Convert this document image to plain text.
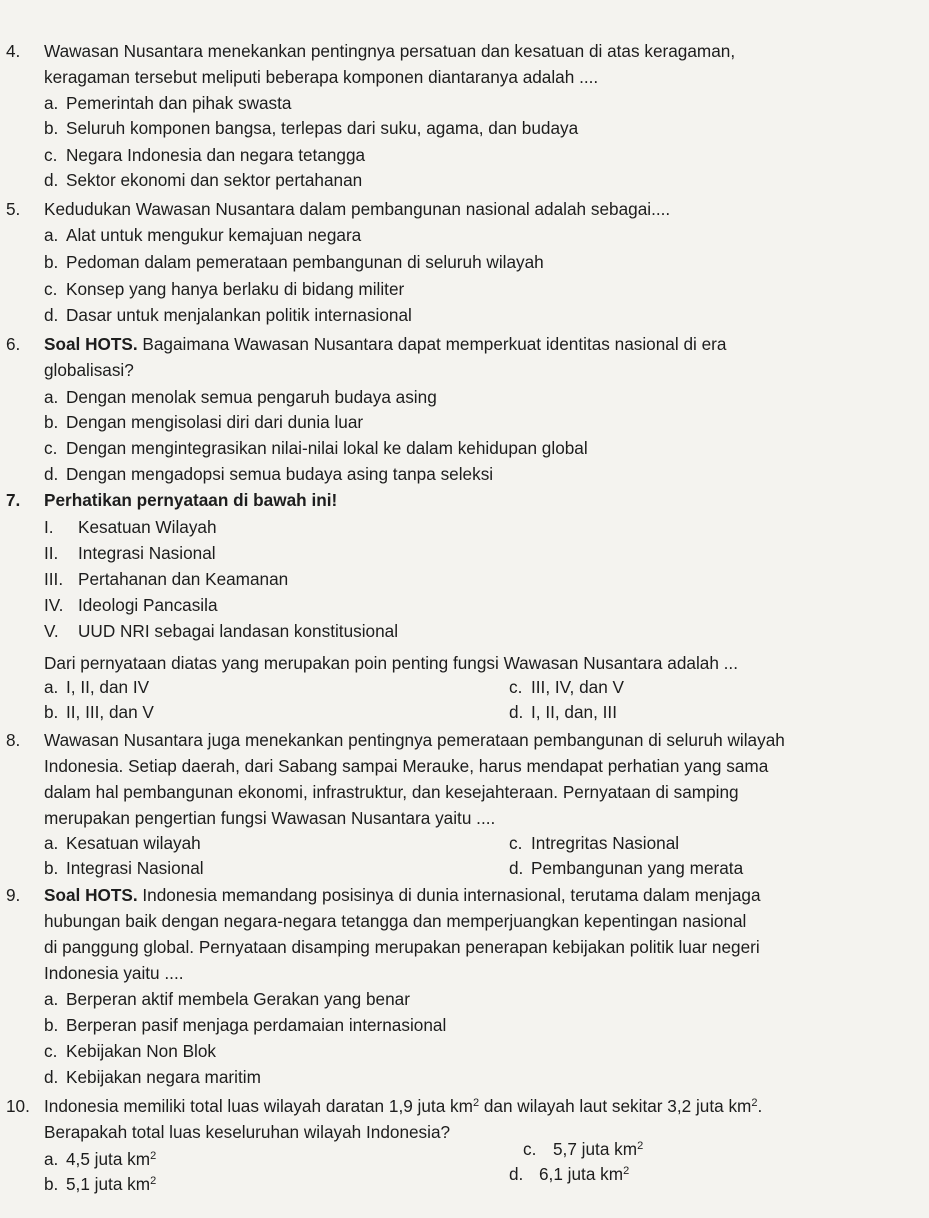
4. Wawasan Nusantara menekankan pentingnya persatuan dan kesatuan di atas keragaman,
keragaman tersebut meliputi beberapa komponen diantaranya adalah ....
a. Pemerintah dan pihak swasta
b. Seluruh komponen bangsa, terlepas dari suku, agama, dan budaya
c. Negara Indonesia dan negara tetangga
d. Sektor ekonomi dan sektor pertahanan
5. Kedudukan Wawasan Nusantara dalam pembangunan nasional adalah sebagai....
a. Alat untuk mengukur kemajuan negara
b. Pedoman dalam pemerataan pembangunan di seluruh wilayah
c. Konsep yang hanya berlaku di bidang militer
d. Dasar untuk menjalankan politik internasional
6. Soal HOTS. Bagaimana Wawasan Nusantara dapat memperkuat identitas nasional di era
globalisasi?
a. Dengan menolak semua pengaruh budaya asing
b. Dengan mengisolasi diri dari dunia luar
c. Dengan mengintegrasikan nilai-nilai lokal ke dalam kehidupan global
d. Dengan mengadopsi semua budaya asing tanpa seleksi
7. Perhatikan pernyataan di bawah ini!
I. Kesatuan Wilayah
II. Integrasi Nasional
III. Pertahanan dan Keamanan
IV. Ideologi Pancasila
V. UUD NRI sebagai landasan konstitusional
Dari pernyataan diatas yang merupakan poin penting fungsi Wawasan Nusantara adalah ...
a. I, II, dan IV	c. III, IV, dan V
b. II, III, dan V	d. I, II, dan, III
8. Wawasan Nusantara juga menekankan pentingnya pemerataan pembangunan di seluruh wilayah
Indonesia. Setiap daerah, dari Sabang sampai Merauke, harus mendapat perhatian yang sama
dalam hal pembangunan ekonomi, infrastruktur, dan kesejahteraan. Pernyataan di samping
merupakan pengertian fungsi Wawasan Nusantara yaitu ....
a. Kesatuan wilayah	c. Intregritas Nasional
b. Integrasi Nasional	d. Pembangunan yang merata
9. Soal HOTS. Indonesia memandang posisinya di dunia internasional, terutama dalam menjaga
hubungan baik dengan negara-negara tetangga dan memperjuangkan kepentingan nasional
di panggung global. Pernyataan disamping merupakan penerapan kebijakan politik luar negeri
Indonesia yaitu ....
a. Berperan aktif membela Gerakan yang benar
b. Berperan pasif menjaga perdamaian internasional
c. Kebijakan Non Blok
d. Kebijakan negara maritim
10. Indonesia memiliki total luas wilayah daratan 1,9 juta $km^2$ dan wilayah laut sekitar 3,2 juta $km^2$.
Berapakah total luas keseluruhan wilayah Indonesia?
a. 4,5 juta $km^2$	c. 5,7 juta $km^2$
b. 5,1 juta $km^2$	d. 6,1 juta $km^2$
